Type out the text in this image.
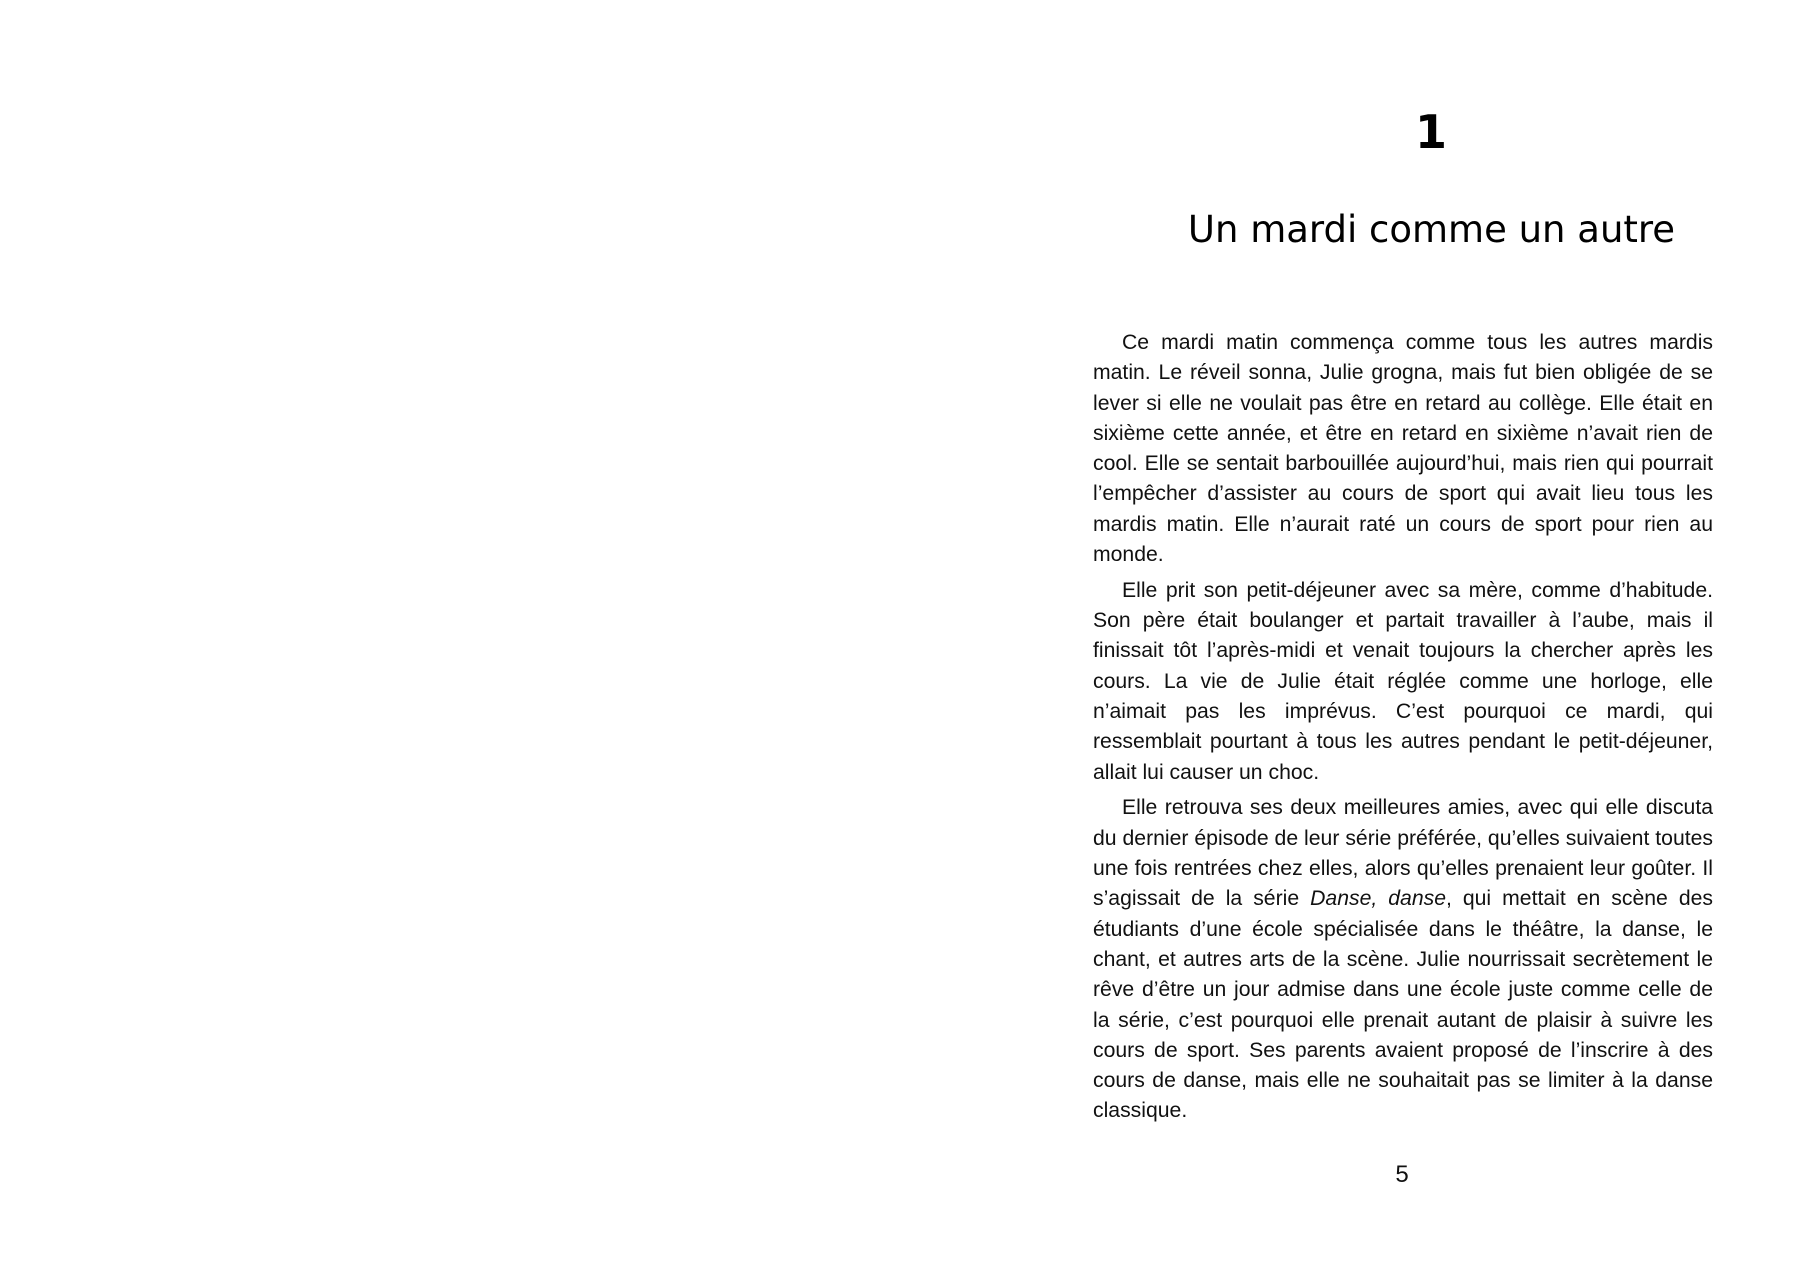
1
Un mardi comme un autre

Ce mardi matin commença comme tous les autres mardis matin. Le réveil sonna, Julie grogna, mais fut bien obligée de se lever si elle ne voulait pas être en retard au collège. Elle était en sixième cette année, et être en retard en sixième n’avait rien de cool. Elle se sentait barbouillée aujourd’hui, mais rien qui pourrait l’empêcher d’assister au cours de sport qui avait lieu tous les mardis matin. Elle n’aurait raté un cours de sport pour rien au monde.

Elle prit son petit-déjeuner avec sa mère, comme d’habitude. Son père était boulanger et partait travailler à l’aube, mais il finissait tôt l’après-midi et venait toujours la chercher après les cours. La vie de Julie était réglée comme une horloge, elle n’aimait pas les imprévus. C’est pourquoi ce mardi, qui ressemblait pourtant à tous les autres pendant le petit-déjeuner, allait lui causer un choc.

Elle retrouva ses deux meilleures amies, avec qui elle discuta du dernier épisode de leur série préférée, qu’elles suivaient toutes une fois rentrées chez elles, alors qu’elles prenaient leur goûter. Il s’agissait de la série Danse, danse, qui mettait en scène des étudiants d’une école spécialisée dans le théâtre, la danse, le chant, et autres arts de la scène. Julie nourrissait secrètement le rêve d’être un jour admise dans une école juste comme celle de la série, c’est pourquoi elle prenait autant de plaisir à suivre les cours de sport. Ses parents avaient proposé de l’inscrire à des cours de danse, mais elle ne souhaitait pas se limiter à la danse classique.

5
